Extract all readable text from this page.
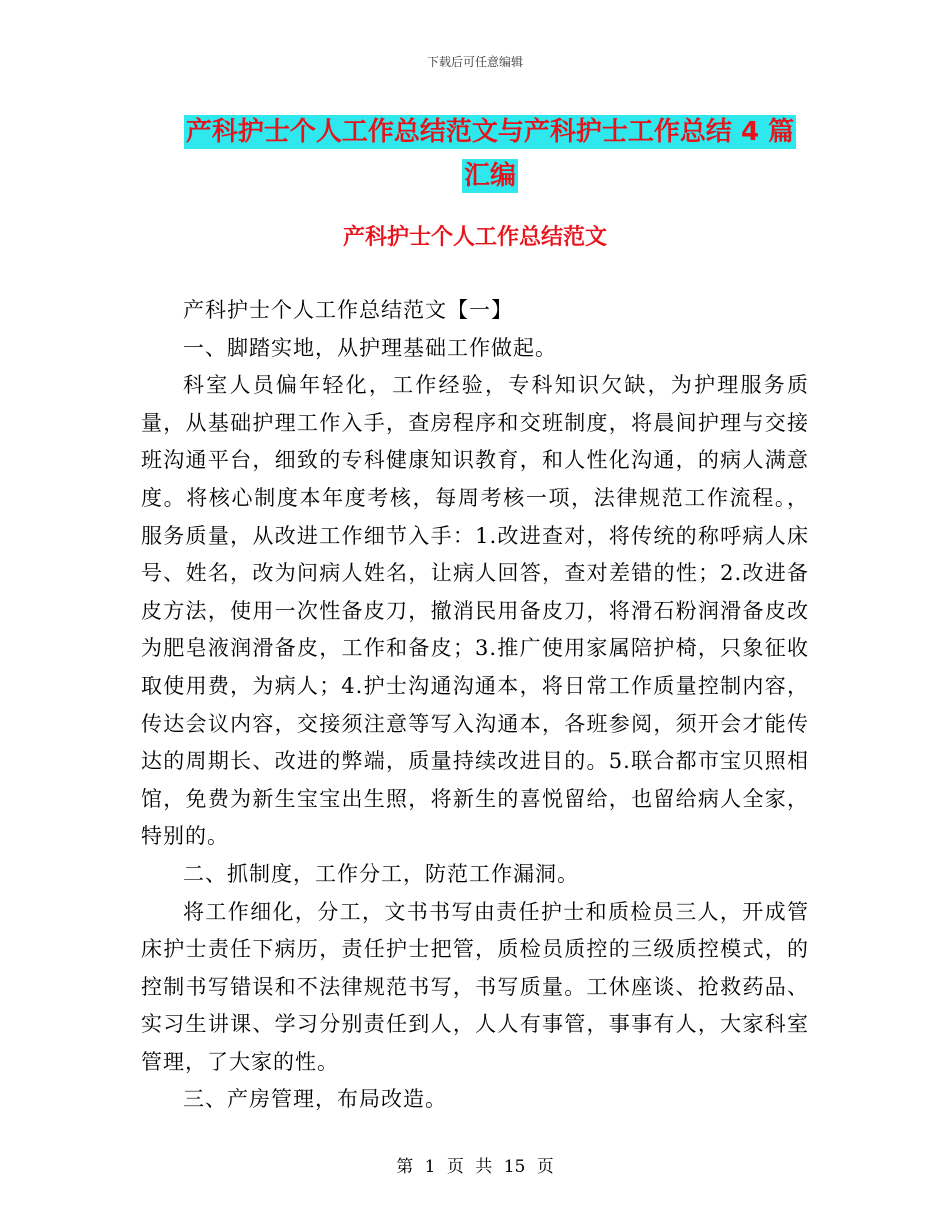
下载后可任意编辑
产科护士个人工作总结范文与产科护士工作总结 4 篇
汇编
产科护士个人工作总结范文

产科护士个人工作总结范文【一】

一、脚踏实地，从护理基础工作做起。

科室人员偏年轻化，工作经验，专科知识欠缺，为护理服务质量，从基础护理工作入手，查房程序和交班制度，将晨间护理与交接班沟通平台，细致的专科健康知识教育，和人性化沟通，的病人满意度。将核心制度本年度考核，每周考核一项，法律规范工作流程。，服务质量，从改进工作细节入手：1.改进查对，将传统的称呼病人床号、姓名，改为问病人姓名，让病人回答，查对差错的性；2.改进备皮方法，使用一次性备皮刀，撤消民用备皮刀，将滑石粉润滑备皮改为肥皂液润滑备皮，工作和备皮；3.推广使用家属陪护椅，只象征收取使用费，为病人；4.护士沟通沟通本，将日常工作质量控制内容，传达会议内容，交接须注意等写入沟通本，各班参阅，须开会才能传达的周期长、改进的弊端，质量持续改进目的。5.联合都市宝贝照相馆，免费为新生宝宝出生照，将新生的喜悦留给，也留给病人全家，特别的。

二、抓制度，工作分工，防范工作漏洞。

将工作细化，分工，文书书写由责任护士和质检员三人，开成管床护士责任下病历，责任护士把管，质检员质控的三级质控模式，的控制书写错误和不法律规范书写，书写质量。工休座谈、抢救药品、实习生讲课、学习分别责任到人，人人有事管，事事有人，大家科室管理，了大家的性。

三、产房管理，布局改造。

第 1 页 共 15 页
